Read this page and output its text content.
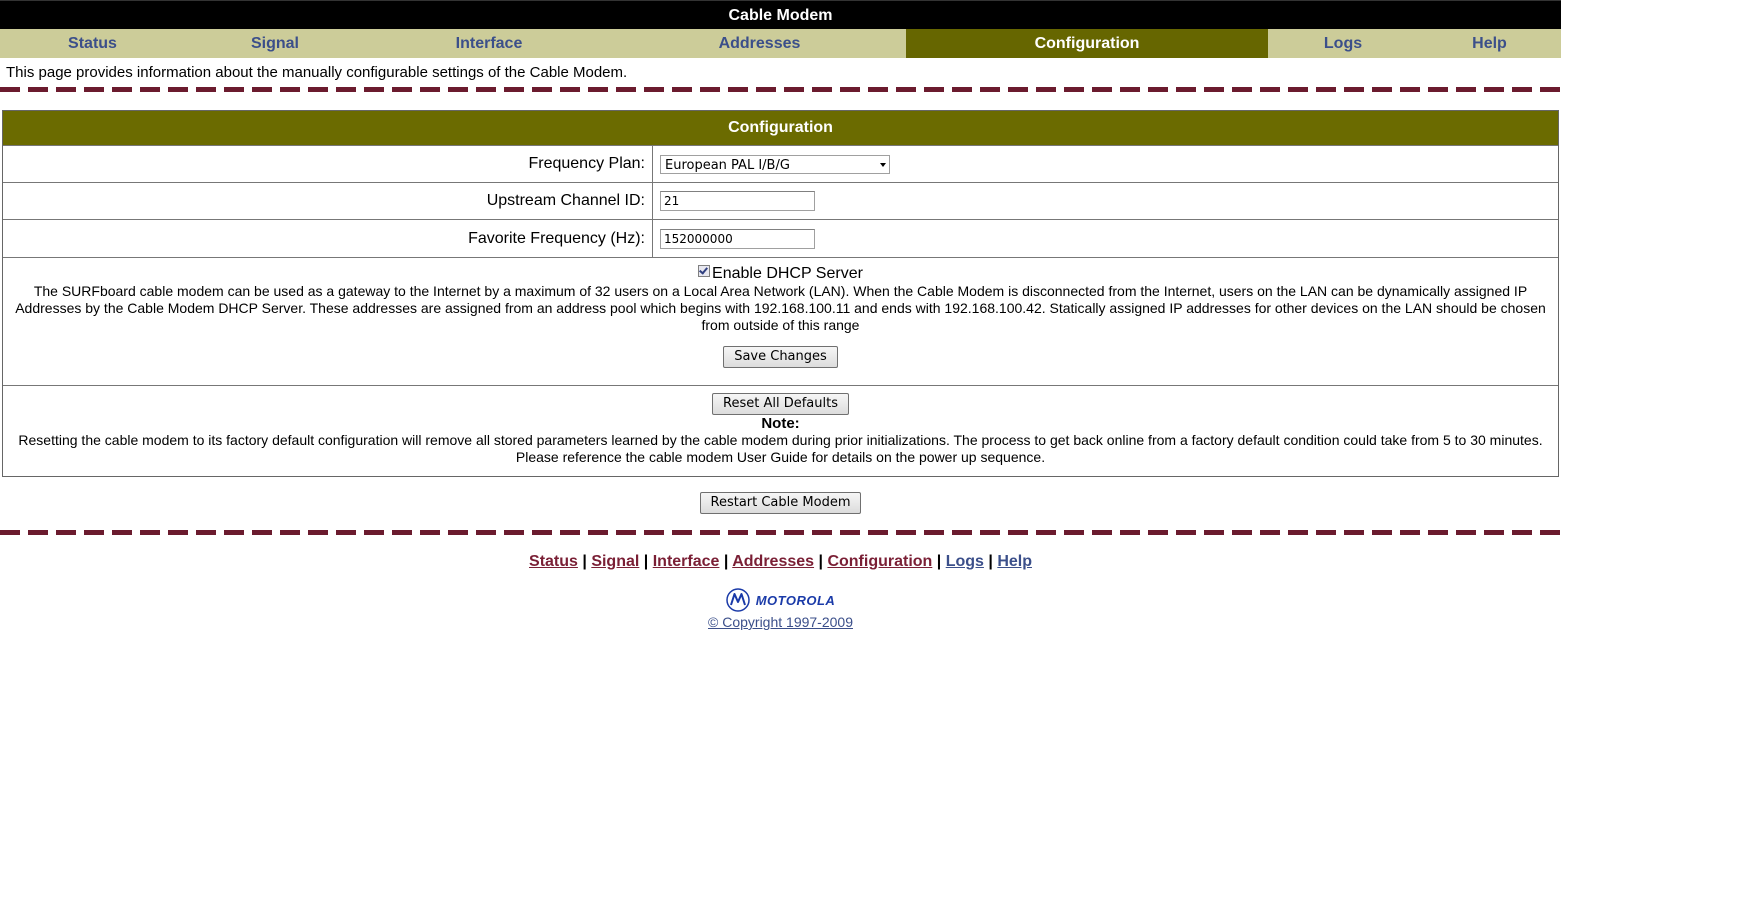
Cable Modem
Status	Signal	Interface	Addresses	Configuration	Logs	Help
This page provides information about the manually configurable settings of the Cable Modem.
Configuration
Frequency Plan:	European PAL I/B/G
Upstream Channel ID:	21
Favorite Frequency (Hz):	152000000
Enable DHCP Server
The SURFboard cable modem can be used as a gateway to the Internet by a maximum of 32 users on a Local Area Network (LAN). When the Cable Modem is disconnected from the Internet, users on the LAN can be dynamically assigned IP Addresses by the Cable Modem DHCP Server. These addresses are assigned from an address pool which begins with 192.168.100.11 and ends with 192.168.100.42. Statically assigned IP addresses for other devices on the LAN should be chosen from outside of this range
Save Changes
Reset All Defaults
Note:
Resetting the cable modem to its factory default configuration will remove all stored parameters learned by the cable modem during prior initializations. The process to get back online from a factory default condition could take from 5 to 30 minutes. Please reference the cable modem User Guide for details on the power up sequence.
Restart Cable Modem
Status | Signal | Interface | Addresses | Configuration | Logs | Help
MOTOROLA
© Copyright 1997-2009
